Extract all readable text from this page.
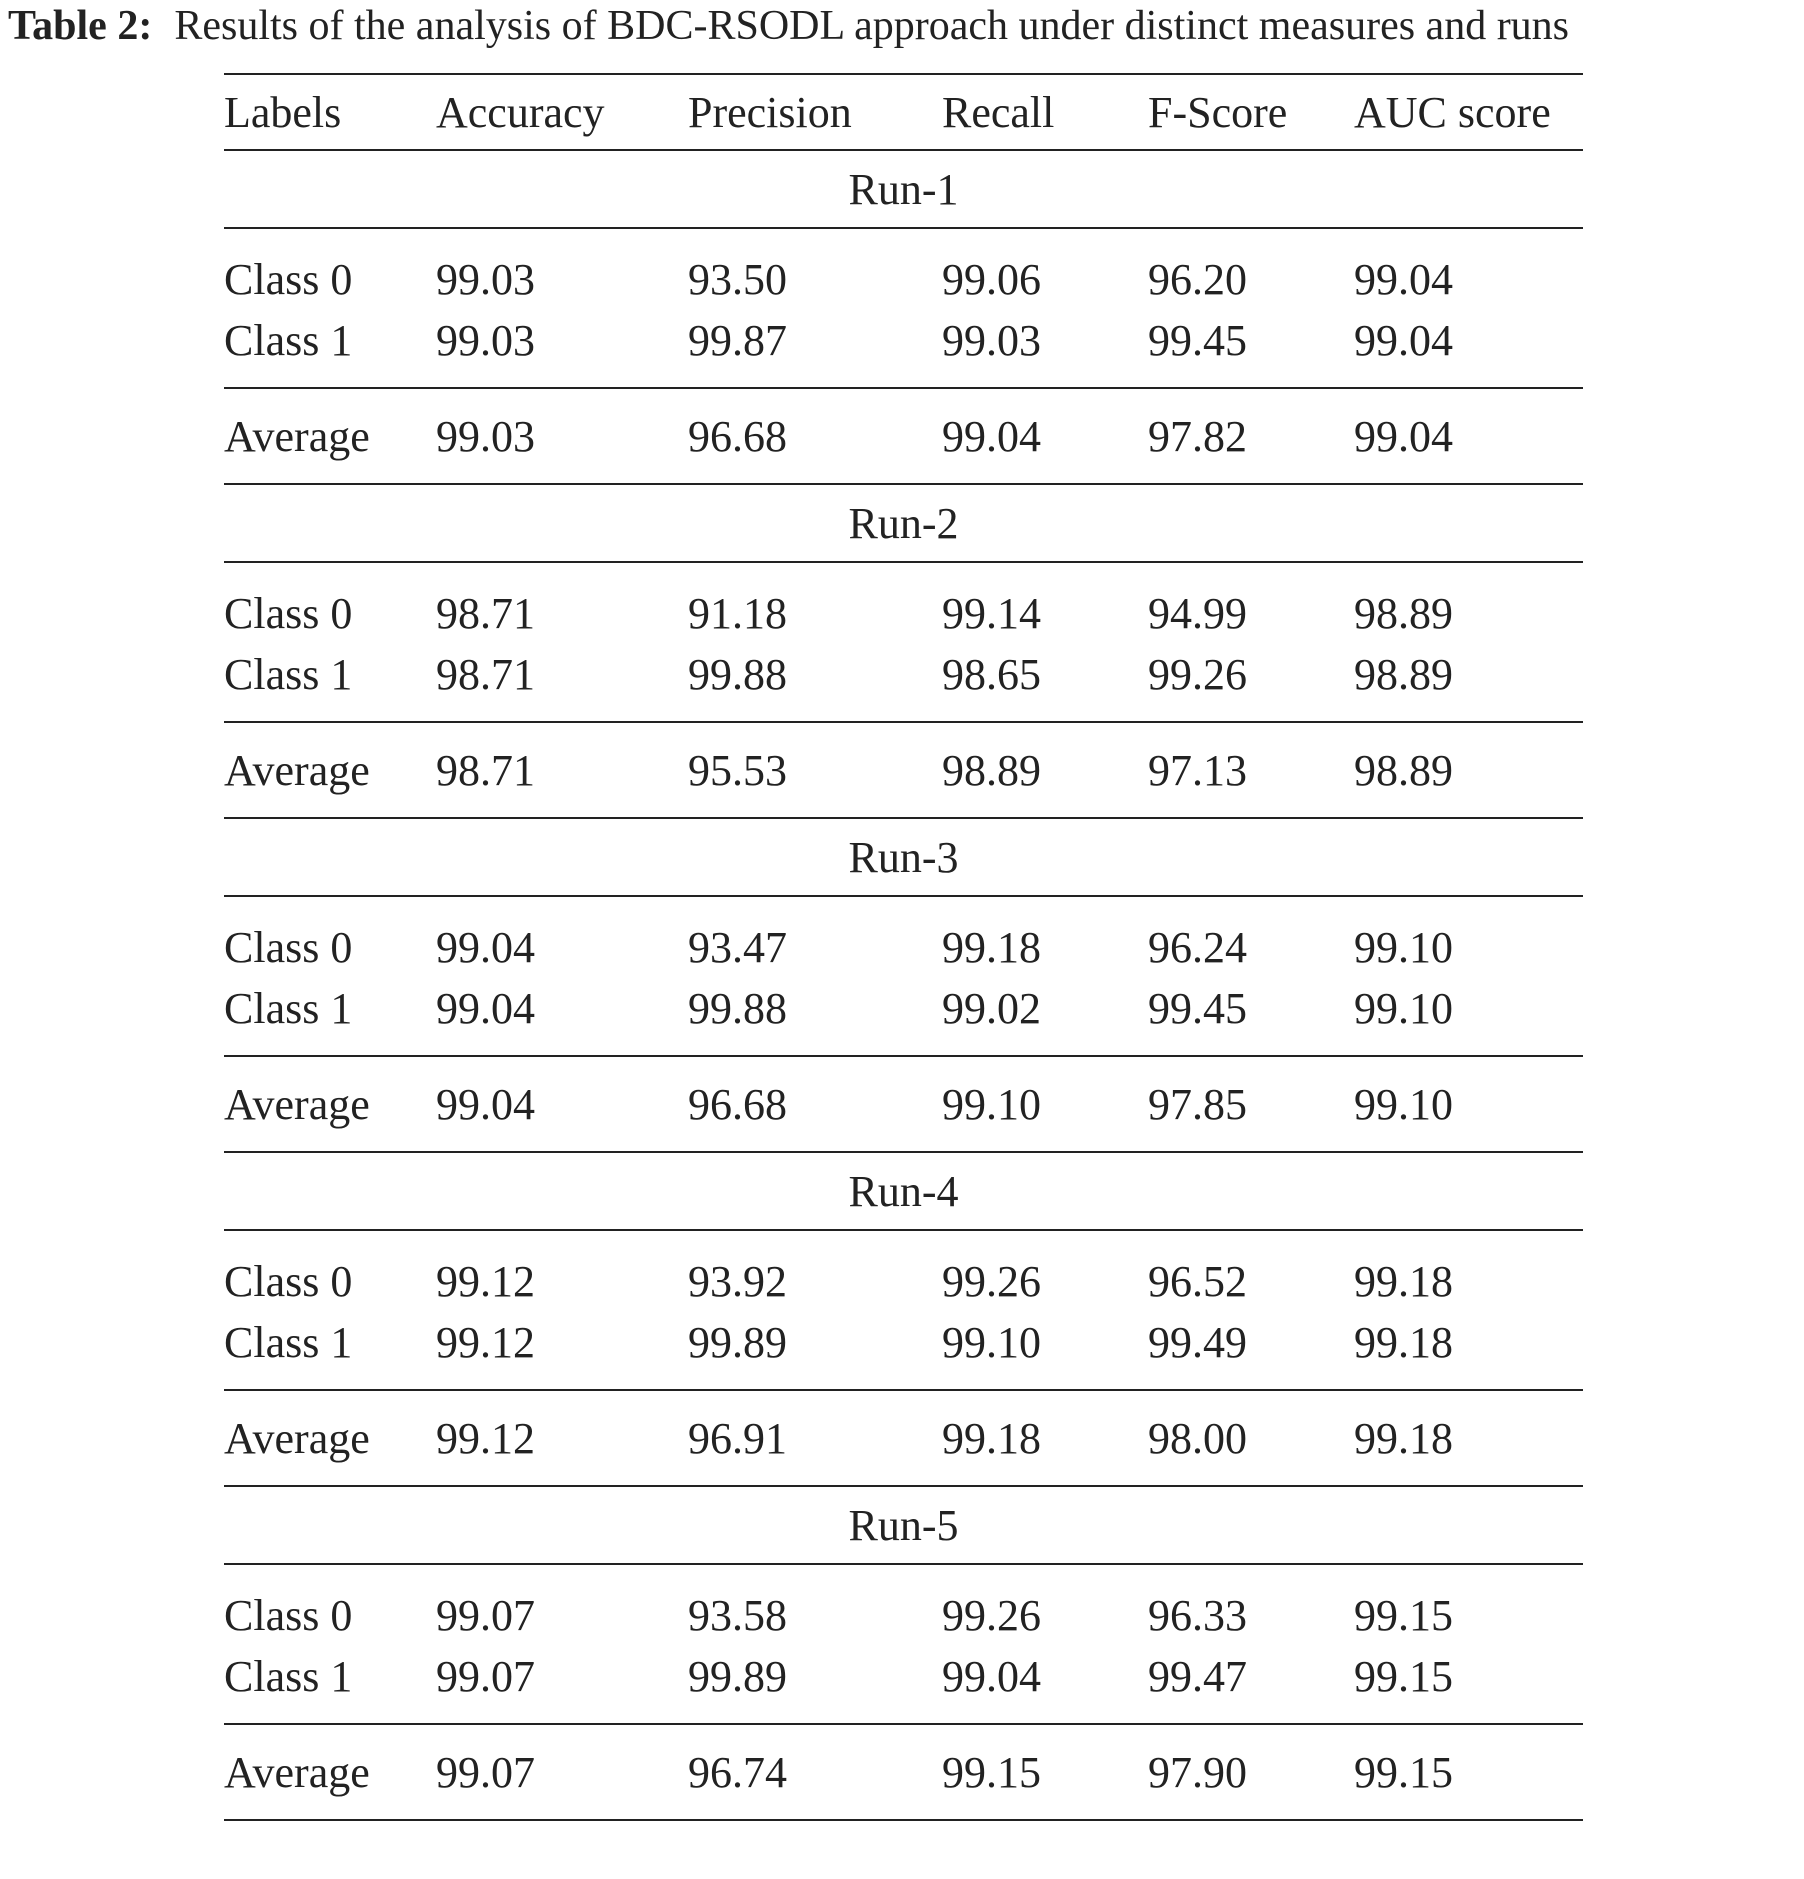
Table 2: Results of the analysis of BDC-RSODL approach under distinct measures and runs
Labels	Accuracy	Precision	Recall	F-Score	AUC score
Run-1
Class 0	99.03	93.50	99.06	96.20	99.04
Class 1	99.03	99.87	99.03	99.45	99.04
Average	99.03	96.68	99.04	97.82	99.04
Run-2
Class 0	98.71	91.18	99.14	94.99	98.89
Class 1	98.71	99.88	98.65	99.26	98.89
Average	98.71	95.53	98.89	97.13	98.89
Run-3
Class 0	99.04	93.47	99.18	96.24	99.10
Class 1	99.04	99.88	99.02	99.45	99.10
Average	99.04	96.68	99.10	97.85	99.10
Run-4
Class 0	99.12	93.92	99.26	96.52	99.18
Class 1	99.12	99.89	99.10	99.49	99.18
Average	99.12	96.91	99.18	98.00	99.18
Run-5
Class 0	99.07	93.58	99.26	96.33	99.15
Class 1	99.07	99.89	99.04	99.47	99.15
Average	99.07	96.74	99.15	97.90	99.15
